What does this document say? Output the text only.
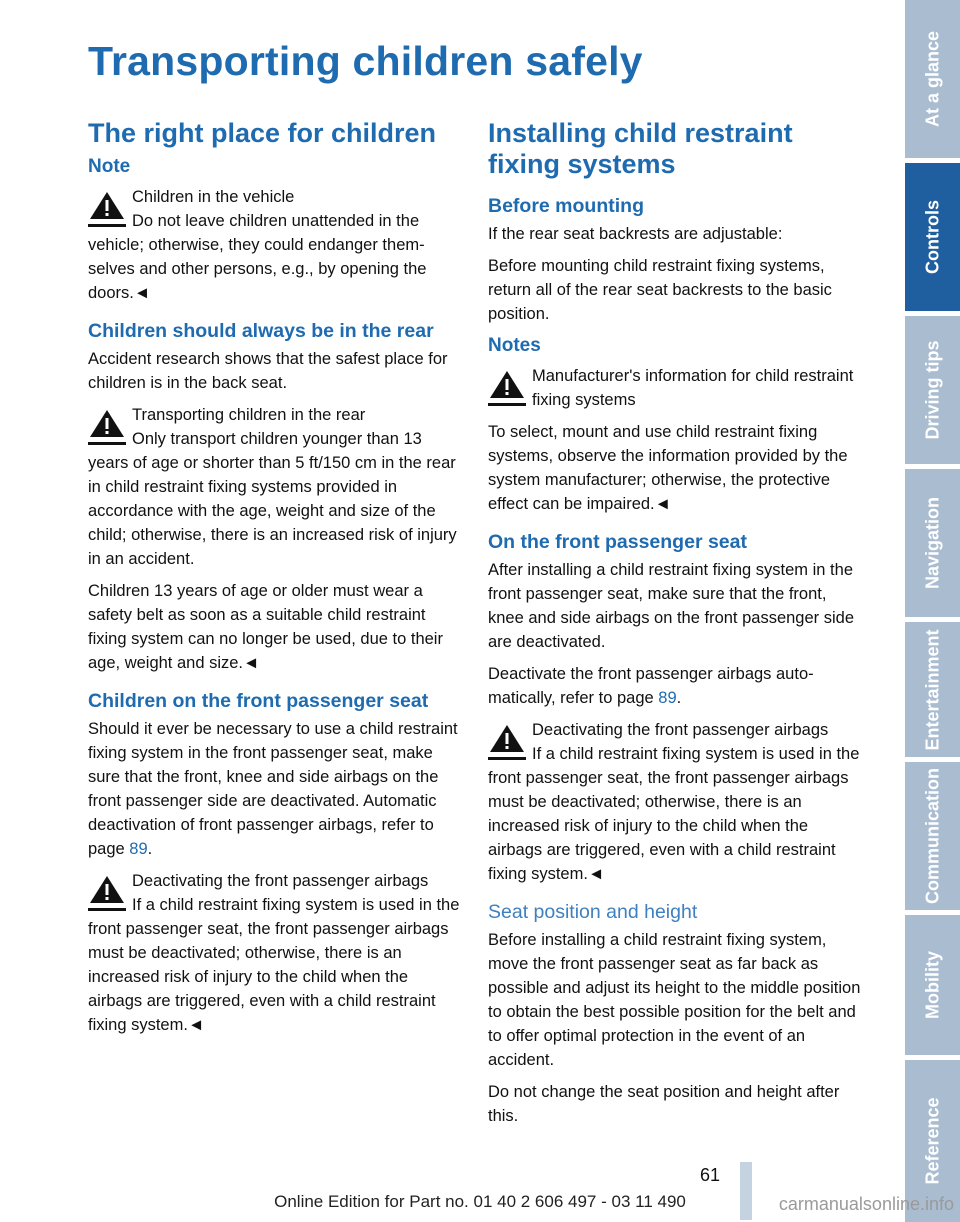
Transporting children safely
The right place for children
Note
Children in the vehicle
Do not leave children unattended in the vehicle; otherwise, they could endanger themselves and other persons, e.g., by opening the doors.◄
Children should always be in the rear

Accident research shows that the safest place for children is in the back seat.

Transporting children in the rear
Only transport children younger than 13 years of age or shorter than 5 ft/150 cm in the rear in child restraint fixing systems provided in accordance with the age, weight and size of the child; otherwise, there is an increased risk of injury in an accident.

Children 13 years of age or older must wear a safety belt as soon as a suitable child restraint fixing system can no longer be used, due to their age, weight and size.◄

Children on the front passenger seat

Should it ever be necessary to use a child restraint fixing system in the front passenger seat, make sure that the front, knee and side airbags on the front passenger side are deactivated. Automatic deactivation of front passenger airbags, refer to page 89.

Deactivating the front passenger airbags
If a child restraint fixing system is used in the front passenger seat, the front passenger airbags must be deactivated; otherwise, there is an increased risk of injury to the child when the airbags are triggered, even with a child restraint fixing system.◄
Installing child restraint fixing systems
Before mounting

If the rear seat backrests are adjustable:

Before mounting child restraint fixing systems, return all of the rear seat backrests to the basic position.

Notes
Manufacturer's information for child restraint fixing systems

To select, mount and use child restraint fixing systems, observe the information provided by the system manufacturer; otherwise, the protective effect can be impaired.◄

On the front passenger seat

After installing a child restraint fixing system in the front passenger seat, make sure that the front, knee and side airbags on the front passenger side are deactivated.

Deactivate the front passenger airbags automatically, refer to page 89.

Deactivating the front passenger airbags
If a child restraint fixing system is used in the front passenger seat, the front passenger airbags must be deactivated; otherwise, there is an increased risk of injury to the child when the airbags are triggered, even with a child restraint fixing system.◄
Seat position and height

Before installing a child restraint fixing system, move the front passenger seat as far back as possible and adjust its height to the middle position to obtain the best possible position for the belt and to offer optimal protection in the event of an accident.

Do not change the seat position and height after this.

At a glance
Controls
Driving tips
Navigation
Entertainment
Communication
Mobility
Reference
61
Online Edition for Part no. 01 40 2 606 497 - 03 11 490	carmanualsonline.info
